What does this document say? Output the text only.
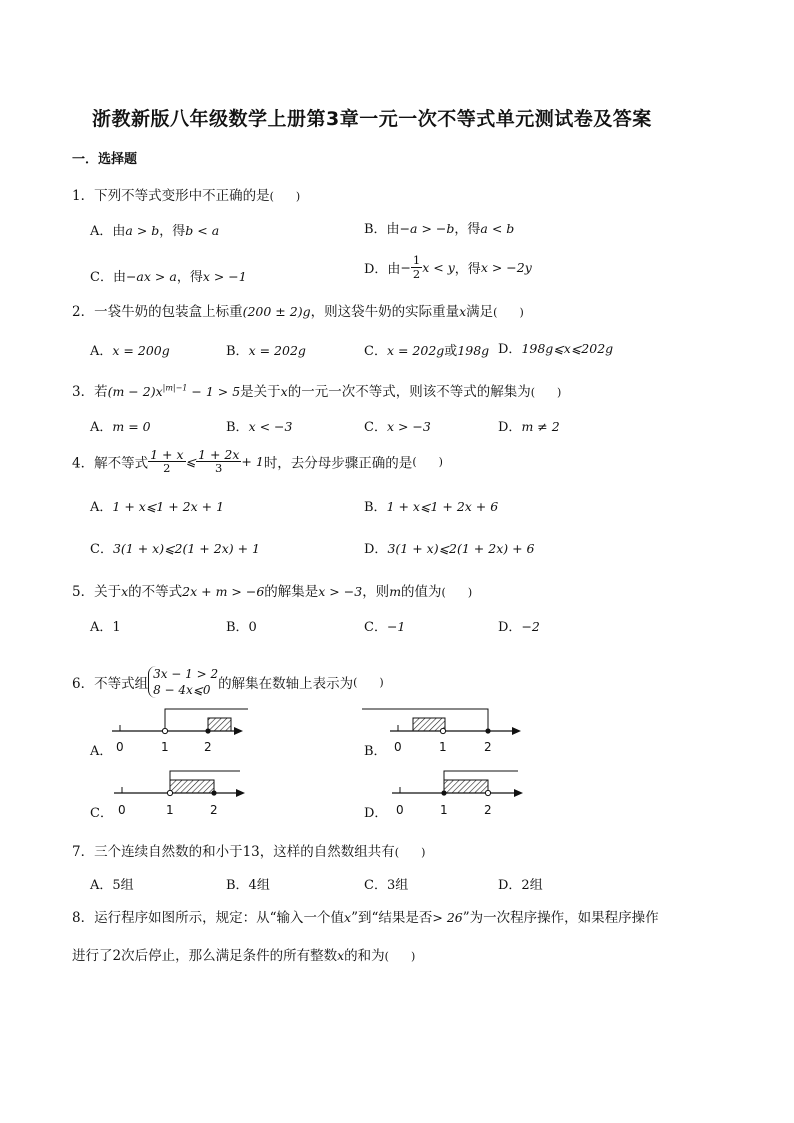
浙教新版八年级数学上册第3章一元一次不等式单元测试卷及答案
一．选择题
1．下列不等式变形中不正确的是(　　)
A．由a > b，得b < a	B．由−a > −b，得a < b
C．由−ax > a，得x > −1	D．由− $\frac{1}{2}$ x < y，得x > −2y
2．一袋牛奶的包装盒上标重(200 ± 2)g，则这袋牛奶的实际重量x满足(　　)
A．x = 200g	B．x = 202g	C．x = 202g或198g D．198g⩽x⩽202g
3．若$(m - 2)x^{|m|-1} - 1 > 5$是关于x的一元一次不等式，则该不等式的解集为(　　)
A．m = 0	B．x < −3	C．x > −3	D．m ≠ 2
4．解不等式 $\frac{1 + x}{2}$ ⩽ $\frac{1 + 2x}{3} + 1$时，去分母步骤正确的是(　　)
A．1 + x⩽1 + 2x + 1	B．1 + x⩽1 + 2x + 6
C．3(1 + x)⩽2(1 + 2x) + 1	D．3(1 + x)⩽2(1 + 2x) + 6
5．关于x的不等式2x + m > −6的解集是x > −3，则m的值为(　　)
A．1	B．0	C．−1	D．−2
6．不等式组
3x − 1 > 2
8 − 4x⩽0 的解集在数轴上表示为(　　)
0	1	2	0	1	2
0	1	2	0	1	2
A．	B．
C．	D．
7．三个连续自然数的和小于13，这样的自然数组共有(　　)
A．5组	B．4组	C．3组	D．2组
8．运行程序如图所示，规定：从“输入一个值x”到“结果是否> 26”为一次程序操作，如果程序操作
进行了2次后停止，那么满足条件的所有整数x的和为(　　)
